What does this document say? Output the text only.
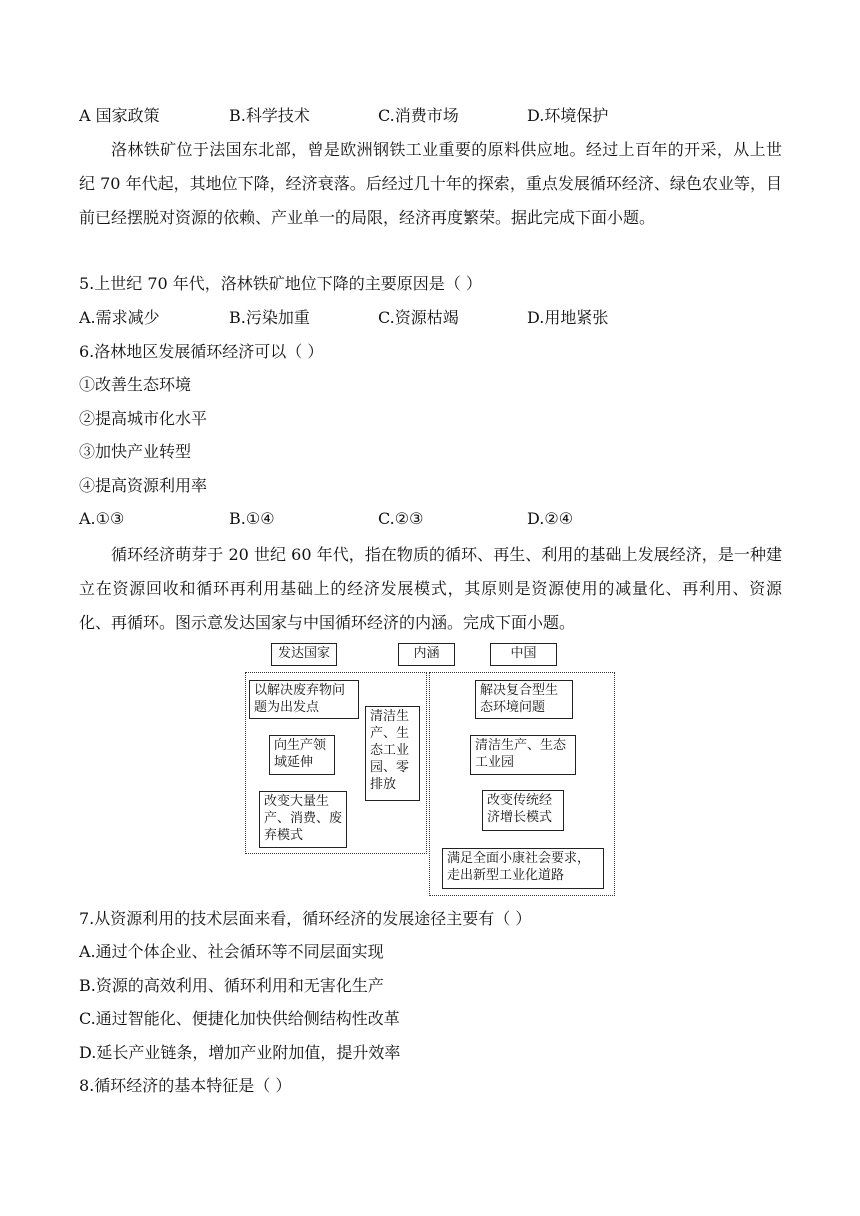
A 国家政策	B.科学技术	C.消费市场	D.环境保护
洛林铁矿位于法国东北部，曾是欧洲钢铁工业重要的原料供应地。经过上百年的开采，从上世纪 70 年代起，其地位下降，经济衰落。后经过几十年的探索，重点发展循环经济、绿色农业等，目前已经摆脱对资源的依赖、产业单一的局限，经济再度繁荣。据此完成下面小题。
5.上世纪 70 年代，洛林铁矿地位下降的主要原因是（ ）
A.需求减少	B.污染加重	C.资源枯竭	D.用地紧张
6.洛林地区发展循环经济可以（ ）
①改善生态环境
②提高城市化水平
③加快产业转型
④提高资源利用率
A.①③	B.①④	C.②③	D.②④
循环经济萌芽于 20 世纪 60 年代，指在物质的循环、再生、利用的基础上发展经济，是一种建立在资源回收和循环再利用基础上的经济发展模式，其原则是资源使用的减量化、再利用、资源化、再循环。图示意发达国家与中国循环经济的内涵。完成下面小题。
发达国家	内涵	中国
以解决废弃物问题为出发点
向生产领域延伸
改变大量生产、消费、废弃模式
清洁生产、生态工业园、零排放
解决复合型生态环境问题
清洁生产、生态工业园
改变传统经济增长模式
满足全面小康社会要求，走出新型工业化道路
7.从资源利用的技术层面来看，循环经济的发展途径主要有（ ）
A.通过个体企业、社会循环等不同层面实现
B.资源的高效利用、循环利用和无害化生产
C.通过智能化、便捷化加快供给侧结构性改革
D.延长产业链条，增加产业附加值，提升效率
8.循环经济的基本特征是（ ）
